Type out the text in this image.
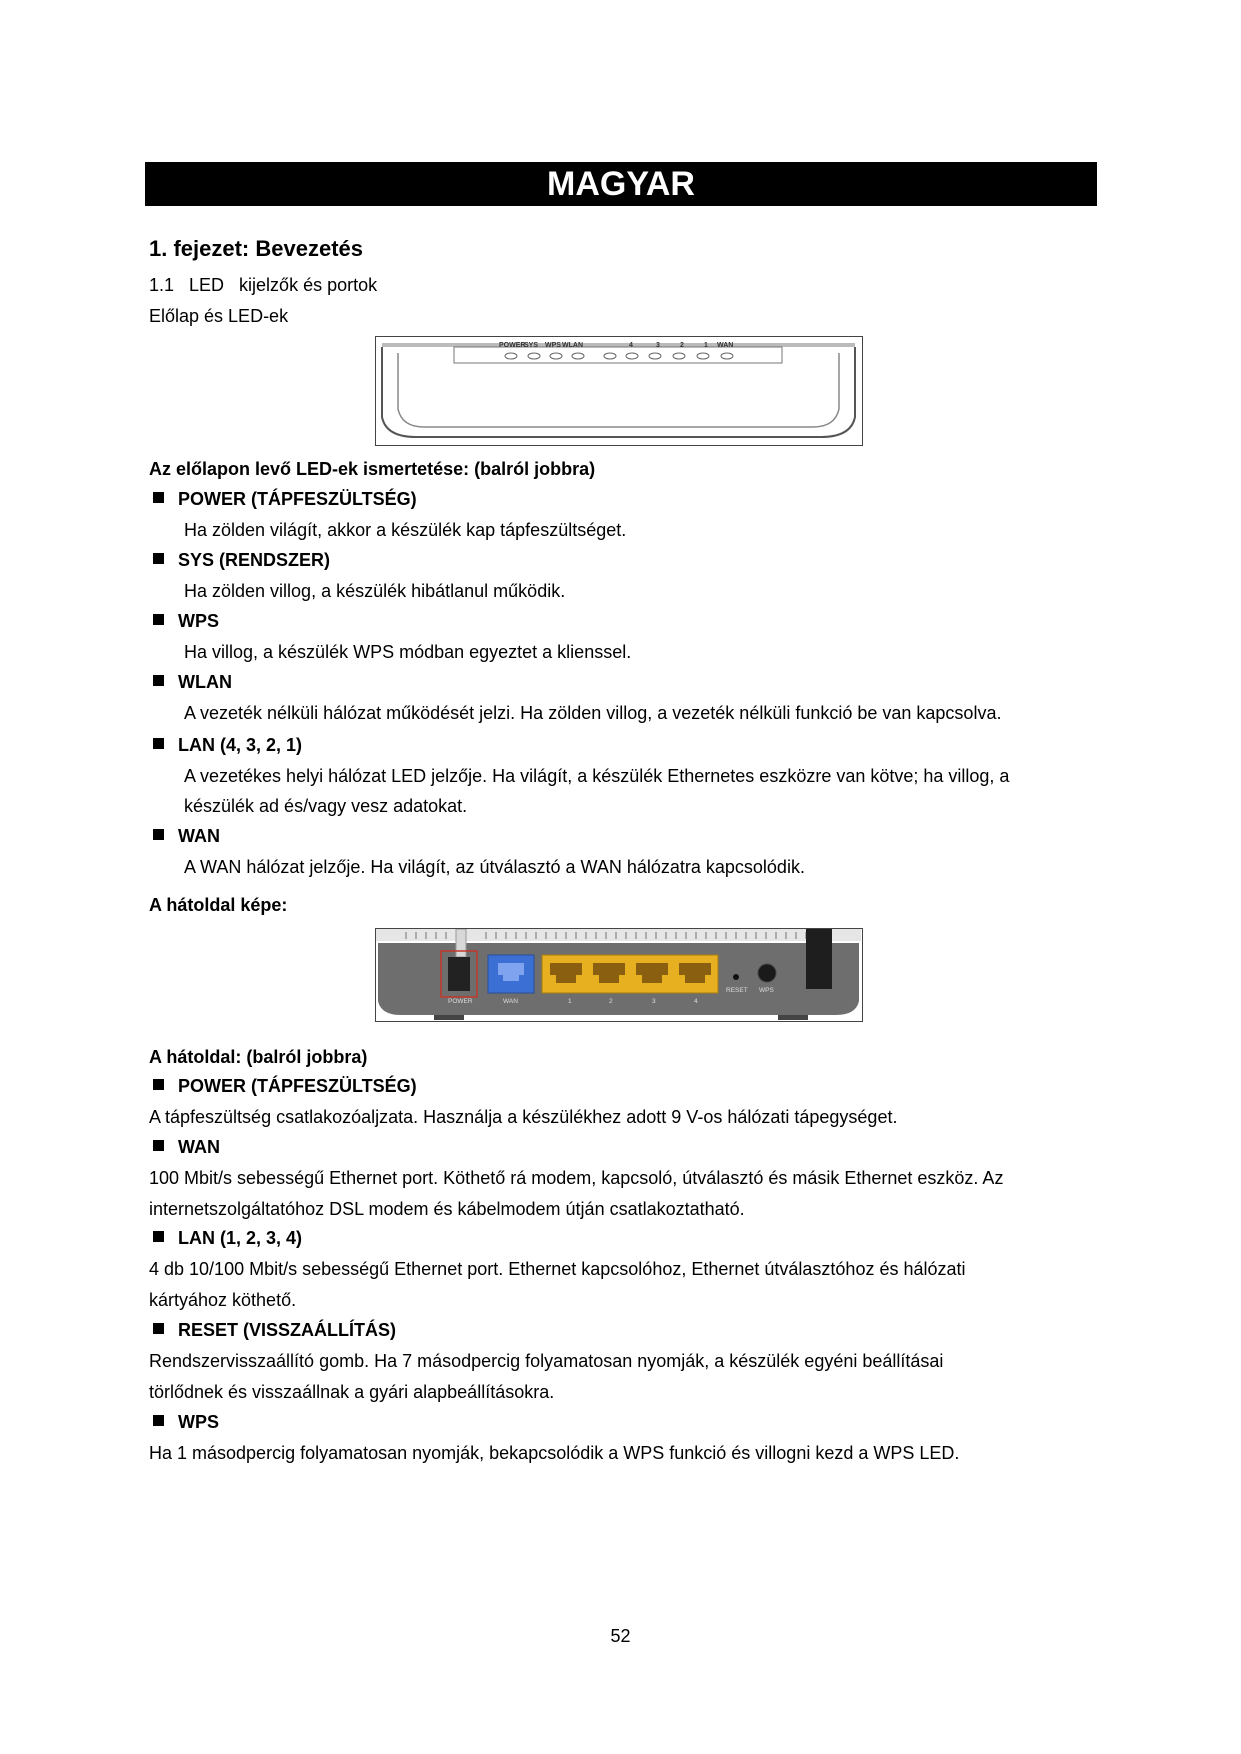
MAGYAR
1. fejezet: Bevezetés
1.1   LED   kijelzők és portok
Előlap és LED-ek
POWER
SYS WPS WLAN	4	3	2	1 WAN
Az előlapon levő LED-ek ismertetése: (balról jobbra)
POWER (TÁPFESZÜLTSÉG)
Ha zölden világít, akkor a készülék kap tápfeszültséget.
SYS (RENDSZER)
Ha zölden villog, a készülék hibátlanul működik.
WPS
Ha villog, a készülék WPS módban egyeztet a klienssel.
WLAN
A vezeték nélküli hálózat működését jelzi. Ha zölden villog, a vezeték nélküli funkció be van kapcsolva.
LAN (4, 3, 2, 1)
A vezetékes helyi hálózat LED jelzője. Ha világít, a készülék Ethernetes eszközre van kötve; ha villog, a
készülék ad és/vagy vesz adatokat.
WAN
A WAN hálózat jelzője. Ha világít, az útválasztó a WAN hálózatra kapcsolódik.
A hátoldal képe:
POWER	WAN	1	2	3	4
RESET WPS
A hátoldal: (balról jobbra)
POWER (TÁPFESZÜLTSÉG)
A tápfeszültség csatlakozóaljzata. Használja a készülékhez adott 9 V-os hálózati tápegységet.
WAN
100 Mbit/s sebességű Ethernet port. Köthető rá modem, kapcsoló, útválasztó és másik Ethernet eszköz. Az
internetszolgáltatóhoz DSL modem és kábelmodem útján csatlakoztatható.
LAN (1, 2, 3, 4)
4 db 10/100 Mbit/s sebességű Ethernet port. Ethernet kapcsolóhoz, Ethernet útválasztóhoz és hálózati
kártyához köthető.
RESET (VISSZAÁLLÍTÁS)
Rendszervisszaállító gomb. Ha 7 másodpercig folyamatosan nyomják, a készülék egyéni beállításai
törlődnek és visszaállnak a gyári alapbeállításokra.
WPS
Ha 1 másodpercig folyamatosan nyomják, bekapcsolódik a WPS funkció és villogni kezd a WPS LED.
52
